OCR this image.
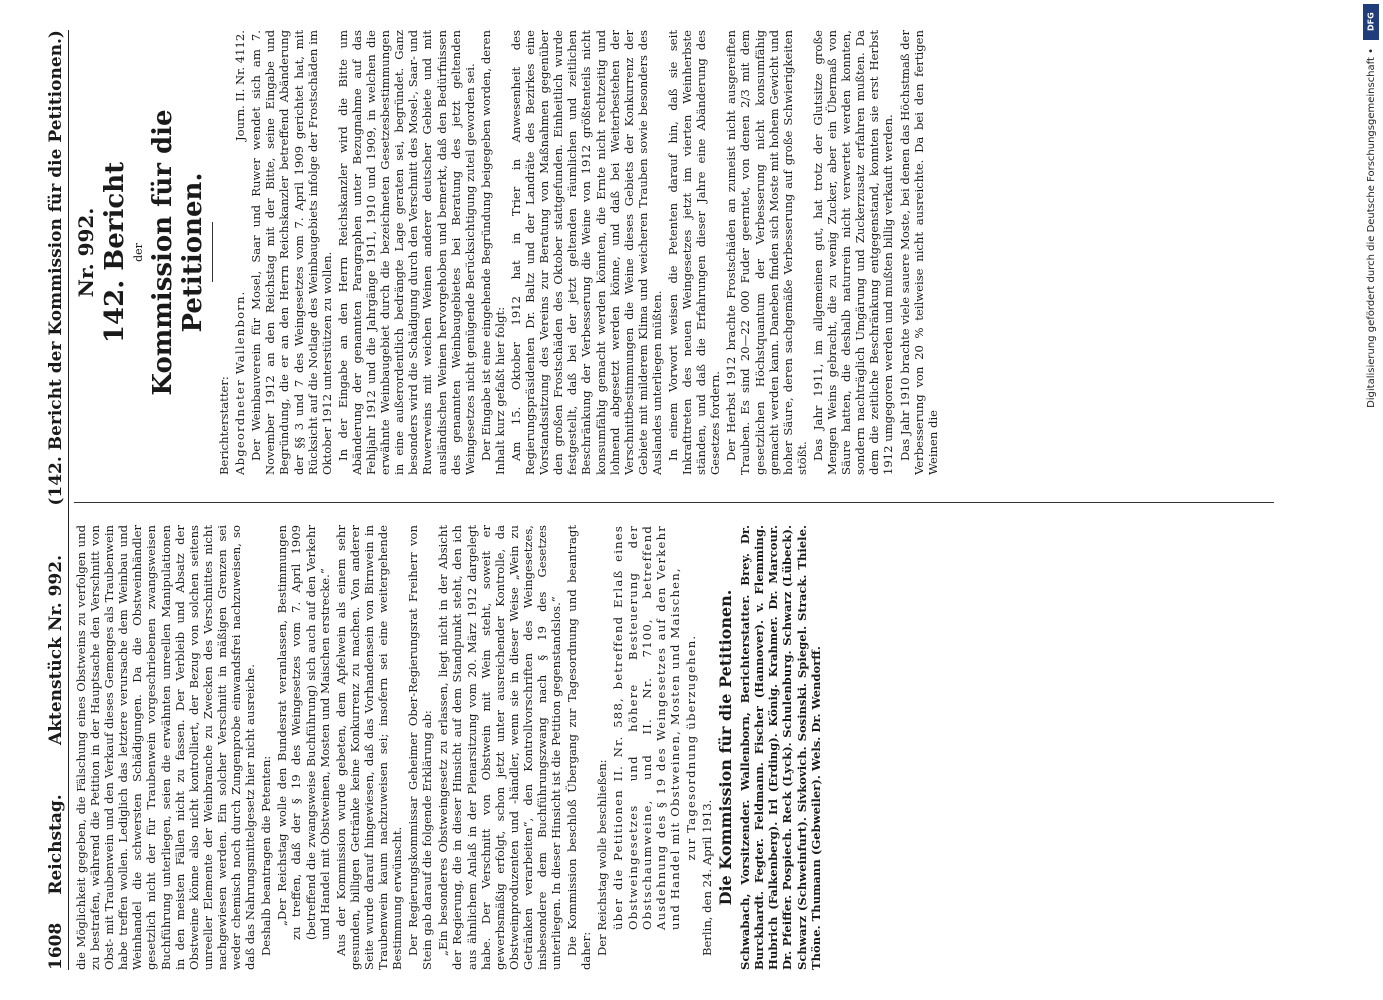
1608
Reichstag.
Aktenstück Nr. 992.
(142. Bericht der Kommission für die Petitionen.)

die Möglichkeit gegeben, die Fälschung eines Obstweins zu verfolgen und zu bestrafen, während die Petition in der Hauptsache den Verschnitt von Obst- mit Traubenwein und den Verkauf dieses Gemenges als Traubenwein habe treffen wollen. Lediglich das letztere verursache dem Weinbau und Weinhandel die schwersten Schädigungen. Da die Obstweinhändler gesetzlich nicht der für Traubenwein vorgeschriebenen zwangsweisen Buchführung unterliegen, seien die erwähnten unreellen Manipulationen in den meisten Fällen nicht zu fassen. Der Verbleib und Absatz der Obstweine könne also nicht kontrolliert, der Bezug von solchen seitens unreeller Elemente der Weinbranche zu Zwecken des Verschnittes nicht nachgewiesen werden. Ein solcher Verschnitt in mäßigen Grenzen sei weder chemisch noch durch Zungenprobe einwandsfrei nachzuweisen, so daß das Nahrungsmittelgesetz hier nicht ausreiche. Deshalb beantragen die Petenten: „Der Reichstag wolle den Bundesrat veranlassen, Bestimmungen zu treffen, daß der § 19 des Weingesetzes vom 7. April 1909 (betreffend die zwangsweise Buchführung) sich auch auf den Verkehr und Handel mit Obstweinen, Mosten und Maischen erstrecke.“ Aus der Kommission wurde gebeten, dem Apfelwein als einem sehr gesunden, billigen Getränke keine Konkurrenz zu machen. Von anderer Seite wurde darauf hingewiesen, daß das Vorhandensein von Birnwein in Traubenwein kaum nachzuweisen sei; insofern sei eine weitergehende Bestimmung erwünscht. Der Regierungskommissar Geheimer Ober-Regierungsrat Freiherr von Stein gab darauf die folgende Erklärung ab: „Ein besonderes Obstweingesetz zu erlassen, liegt nicht in der Absicht der Regierung, die in dieser Hinsicht auf dem Standpunkt steht, den ich aus ähnlichem Anlaß in der Plenarsitzung vom 20. März 1912 dargelegt habe. Der Verschnitt von Obstwein mit Wein steht, soweit er gewerbsmäßig erfolgt, schon jetzt unter ausreichender Kontrolle, da Obstweinproduzenten und -händler, wenn sie in dieser Weise „Wein zu Getränken verarbeiten“, den Kontrollvorschriften des Weingesetzes, insbesondere dem Buchführungszwang nach § 19 des Gesetzes unterliegen. In dieser Hinsicht ist die Petition gegenstandslos.“ Die Kommission beschloß Übergang zur Tagesordnung und beantragt daher: Der Reichstag wolle beschließen: über die Petitionen II. Nr. 588, betreffend Erlaß eines Obstweingesetzes und höhere Besteuerung der Obstschaumweine, und II. Nr. 7100, betreffend Ausdehnung des § 19 des Weingesetzes auf den Verkehr und Handel mit Obstweinen, Mosten und Maischen, zur Tagesordnung überzugehen.

Berlin, den 24. April 1913. Die Kommission für die Petitionen. Schwabach, Vorsitzender. Wallenborn, Berichterstatter. Brey. Dr. Burckhardt. Fegter. Feldmann. Fischer (Hannover). v. Flemming. Hubrich (Falkenberg). Irl (Erding). König. Krahmer. Dr. Marcour. Dr. Pfeiffer. Pospiech. Reck (Lyck). Schulenburg. Schwarz (Lübeck). Schwarz (Schweinfurt). Sivkovich. Sosinski. Spiegel. Strack. Thiele. Thöne. Thumann (Gebweiler). Wels. Dr. Wendorff.

Nr. 992. 142. Bericht der Kommission für die Petitionen.

Berichterstatter: Abgeordneter Wallenborn.
Journ. II. Nr. 4112. Der Weinbauverein für Mosel, Saar und Ruwer wendet sich am 7. November 1912 an den Reichstag mit der Bitte, seine Eingabe und Begründung, die er an den Herrn Reichskanzler betreffend Abänderung der §§ 3 und 7 des Weingesetzes vom 7. April 1909 gerichtet hat, mit Rücksicht auf die Notlage des Weinbaugebiets infolge der Frostschäden im Oktober 1912 unterstützen zu wollen. In der Eingabe an den Herrn Reichskanzler wird die Bitte um Abänderung der genannten Paragraphen unter Bezugnahme auf das Fehljahr 1912 und die Jahrgänge 1911, 1910 und 1909, in welchen die erwähnte Weinbaugebiet durch die bezeichneten Gesetzesbestimmungen in eine außerordentlich bedrängte Lage geraten sei, begründet. Ganz besonders wird die Schädigung durch den Verschnitt des Mosel-, Saar- und Ruwerweins mit weichen Weinen anderer deutscher Gebiete und mit ausländischen Weinen hervorgehoben und bemerkt, daß den Bedürfnissen des genannten Weinbaugebietes bei Beratung des jetzt geltenden Weingesetzes nicht genügende Berücksichtigung zuteil geworden sei. Der Eingabe ist eine eingehende Begründung beigegeben worden, deren Inhalt kurz gefaßt hier folgt: Am 15. Oktober 1912 hat in Trier in Anwesenheit des Regierungspräsidenten Dr. Baltz und der Landräte des Bezirkes eine Vorstandssitzung des Vereins zur Beratung von Maßnahmen gegenüber den großen Frostschäden des Oktober stattgefunden. Einheitlich wurde festgestellt, daß bei der jetzt geltenden räumlichen und zeitlichen Beschränkung der Verbesserung die Weine von 1912 größtenteils nicht konsumfähig gemacht werden könnten, die Ernte nicht rechtzeitig und lohnend abgesetzt werden könne, und daß bei Weiterbestehen der Verschnittbestimmungen die Weine dieses Gebiets der Konkurrenz der Gebiete mit milderem Klima und weicheren Trauben sowie besonders des Auslandes unterliegen müßten. In einem Vorwort weisen die Petenten darauf hin, daß sie seit Inkrafttreten des neuen Weingesetzes jetzt im vierten Weinherbste ständen, und daß die Erfahrungen dieser Jahre eine Abänderung des Gesetzes fordern. Der Herbst 1912 brachte Frostschäden an zumeist nicht ausgereiften Trauben. Es sind 20—22 000 Fuder geerntet, von denen 2/3 mit dem gesetzlichen Höchstquantum der Verbesserung nicht konsumfähig gemacht werden kann. Daneben finden sich Moste mit hohem Gewicht und hoher Säure, deren sachgemäße Verbesserung auf große Schwierigkeiten stößt. Das Jahr 1911, im allgemeinen gut, hat trotz der Glutsitze große Mengen Weins gebracht, die zu wenig Zucker, aber ein Übermaß von Säure hatten, die deshalb naturrein nicht verwertet werden konnten, sondern nachträglich Umgärung und Zuckerzusatz erfahren mußten. Da dem die zeitliche Beschränkung entgegenstand, konnten sie erst Herbst 1912 umgegoren werden und mußten billig verkauft werden. Das Jahr 1910 brachte viele sauere Moste, bei denen das Höchstmaß der Verbesserung von 20 % teilweise nicht ausreichte. Da bei den fertigen Weinen die

DFG
Digitalisierung gefördert durch die Deutsche Forschungsgemeinschaft •
